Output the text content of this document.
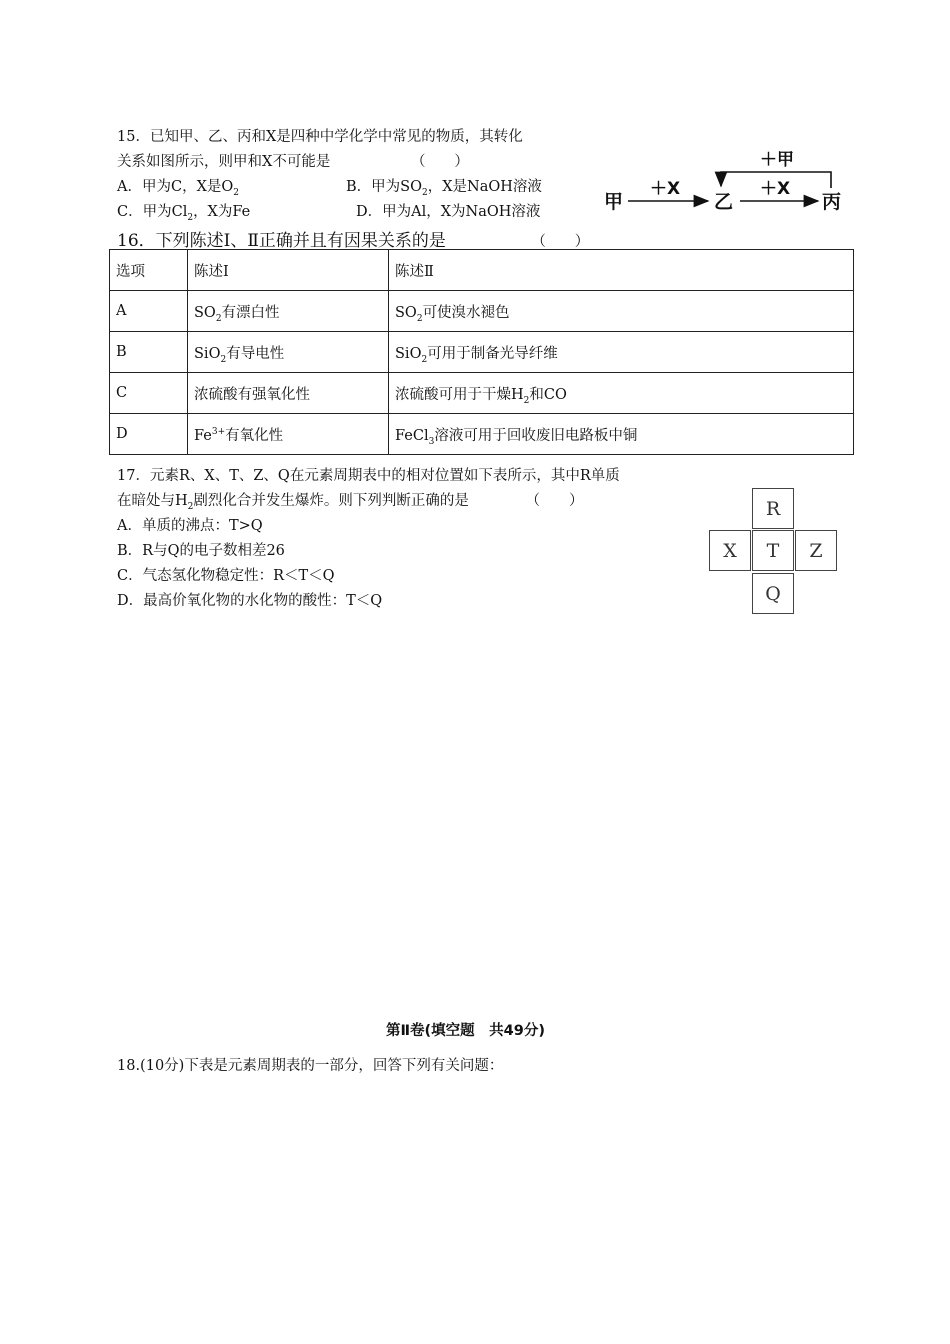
15．已知甲、乙、丙和X是四种中学化学中常见的物质，其转化
关系如图所示，则甲和X不可能是	（　　）
A．甲为C，X是$O_2$	B．甲为$SO_2$，X是NaOH溶液
C．甲为$Cl_2$，X为Fe	D．甲为Al，X为NaOH溶液	甲
＋X
乙
＋X
丙
＋甲
16．下列陈述Ⅰ、Ⅱ正确并且有因果关系的是	（　　）
选项	陈述Ⅰ	陈述Ⅱ
A	$SO_2$有漂白性	$SO_2$可使溴水褪色
B	SiO$_2$有导电性	SiO$_2$可用于制备光导纤维
C	浓硫酸有强氧化性	浓硫酸可用于干燥$H_2$和CO
D	$Fe^{3+}$有氧化性	FeCl$_3$溶液可用于回收废旧电路板中铜
17．元素R、X、T、Z、Q在元素周期表中的相对位置如下表所示，其中R单质
在暗处与$H_2$剧烈化合并发生爆炸。则下列判断正确的是	（　　）
A．单质的沸点：T>Q
B．R与Q的电子数相差26
C．气态氢化物稳定性：R＜T＜Q
D．最高价氧化物的水化物的酸性：T＜Q
R
X	T	Z
Q
第Ⅱ卷(填空题　共49分)
18.(10分)下表是元素周期表的一部分，回答下列有关问题：
